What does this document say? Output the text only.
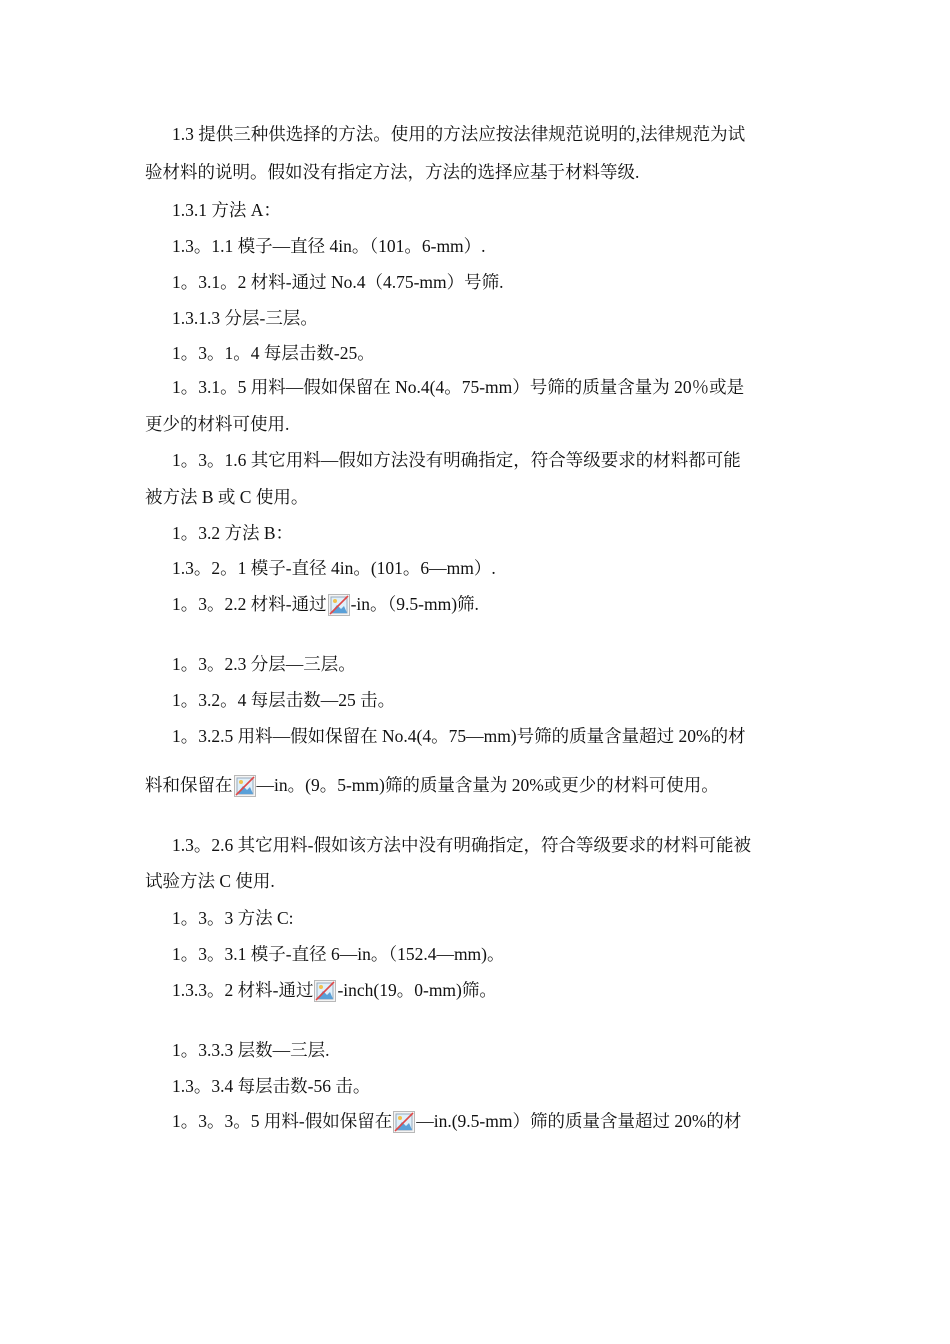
1.3 提供三种供选择的方法。使用的方法应按法律规范说明的,法律规范为试
验材料的说明。假如没有指定方法，方法的选择应基于材料等级.
1.3.1 方法 A：
1.3。1.1 模子—直径 4in。（101。6-mm）.
1。3.1。2 材料-通过 No.4（4.75-mm）号筛.
1.3.1.3 分层-三层。
1。3。1。4 每层击数-25。
1。3.1。5 用料—假如保留在 No.4(4。75-mm）号筛的质量含量为 20％或是
更少的材料可使用.
1。3。1.6 其它用料—假如方法没有明确指定，符合等级要求的材料都可能
被方法 B 或 C 使用。
1。3.2 方法 B：
1.3。2。1 模子-直径 4in。(101。6—mm）.
1。3。2.2 材料-通过 -in。（9.5-mm)筛.
1。3。2.3 分层—三层。
1。3.2。4 每层击数—25 击。
1。3.2.5 用料—假如保留在 No.4(4。75—mm)号筛的质量含量超过 20%的材
料和保留在 —in。(9。5-mm)筛的质量含量为 20%或更少的材料可使用。
1.3。2.6 其它用料-假如该方法中没有明确指定，符合等级要求的材料可能被
试验方法 C 使用.
1。3。3 方法 C:
1。3。3.1 模子-直径 6—in。（152.4—mm)。
1.3.3。2 材料-通过 -inch(19。0-mm)筛。
1。3.3.3 层数—三层.
1.3。3.4 每层击数-56 击。
1。3。3。5 用料-假如保留在 —in.(9.5-mm）筛的质量含量超过 20%的材
